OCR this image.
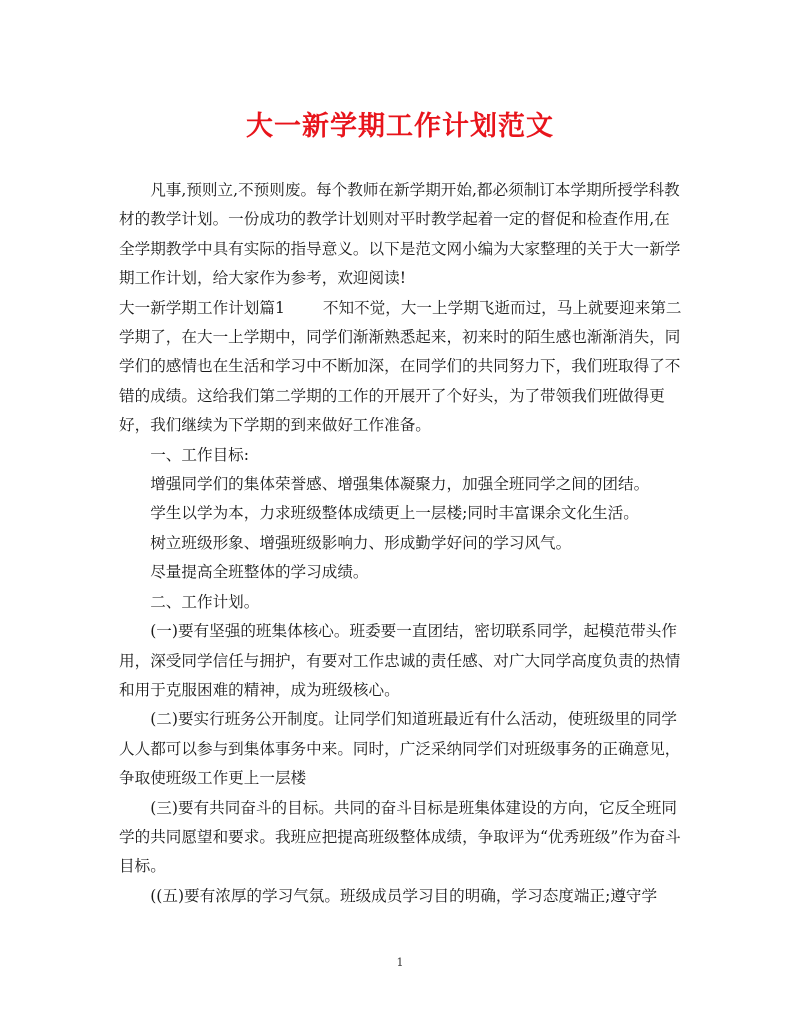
大一新学期工作计划范文

凡事,预则立,不预则废。每个教师在新学期开始,都必须制订本学期所授学科教材的教学计划。一份成功的教学计划则对平时教学起着一定的督促和检查作用,在全学期教学中具有实际的指导意义。以下是范文网小编为大家整理的关于大一新学期工作计划，给大家作为参考，欢迎阅读!

大一新学期工作计划篇1 不知不觉，大一上学期飞逝而过，马上就要迎来第二学期了，在大一上学期中，同学们渐渐熟悉起来，初来时的陌生感也渐渐消失，同学们的感情也在生活和学习中不断加深，在同学们的共同努力下，我们班取得了不错的成绩。这给我们第二学期的工作的开展开了个好头，为了带领我们班做得更好，我们继续为下学期的到来做好工作准备。

一、工作目标:

增强同学们的集体荣誉感、增强集体凝聚力，加强全班同学之间的团结。

学生以学为本，力求班级整体成绩更上一层楼;同时丰富课余文化生活。

树立班级形象、增强班级影响力、形成勤学好问的学习风气。

尽量提高全班整体的学习成绩。

二、工作计划。

(一)要有坚强的班集体核心。班委要一直团结，密切联系同学，起模范带头作用，深受同学信任与拥护，有要对工作忠诚的责任感、对广大同学高度负责的热情和用于克服困难的精神，成为班级核心。

(二)要实行班务公开制度。让同学们知道班最近有什么活动，使班级里的同学人人都可以参与到集体事务中来。同时，广泛采纳同学们对班级事务的正确意见，争取使班级工作更上一层楼

(三)要有共同奋斗的目标。共同的奋斗目标是班集体建设的方向，它反全班同学的共同愿望和要求。我班应把提高班级整体成绩，争取评为“优秀班级”作为奋斗目标。

((五)要有浓厚的学习气氛。班级成员学习目的明确，学习态度端正;遵守学

1
